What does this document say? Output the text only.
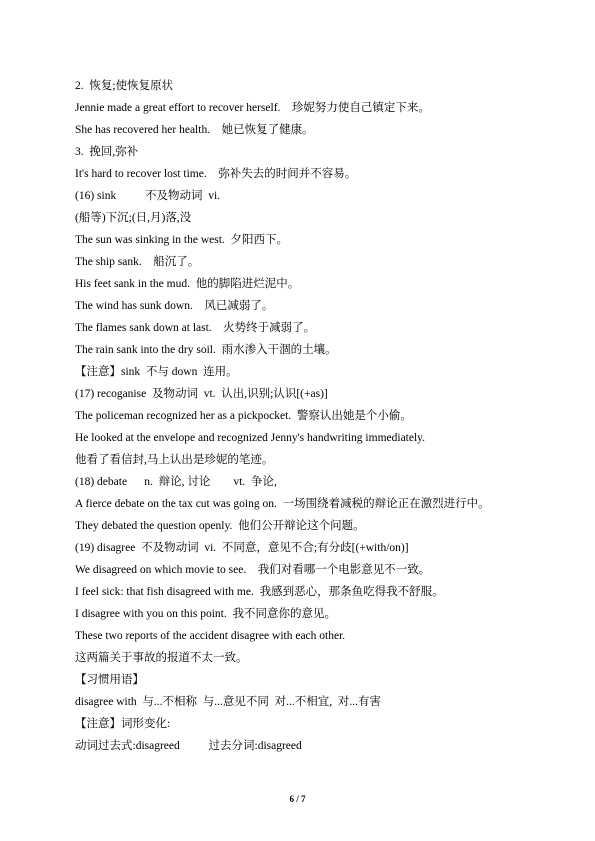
2.  恢复;使恢复原状

Jennie made a great effort to recover herself.    珍妮努力使自己镇定下来。

She has recovered her health.    她已恢复了健康。

3.  挽回,弥补

It's hard to recover lost time.    弥补失去的时间并不容易。

(16) sink          不及物动词  vi.

(船等)下沉;(日,月)落,没

The sun was sinking in the west.  夕阳西下。

The ship sank.    船沉了。

His feet sank in the mud.  他的脚陷进烂泥中。

The wind has sunk down.    风已减弱了。

The flames sank down at last.    火势终于减弱了。

The rain sank into the dry soil.  雨水渗入干涸的土壤。

【注意】sink  不与 down  连用。

(17) recoganise  及物动词  vt.  认出,识别;认识[(+as)]

The policeman recognized her as a pickpocket.  警察认出她是个小偷。

He looked at the envelope and recognized Jenny's handwriting immediately.

他看了看信封,马上认出是珍妮的笔迹。

(18) debate      n.  辩论, 讨论        vt.  争论,

A fierce debate on the tax cut was going on.  一场围绕着减税的辩论正在激烈进行中。

They debated the question openly.  他们公开辩论这个问题。

(19) disagree  不及物动词  vi.  不同意，意见不合;有分歧[(+with/on)]

We disagreed on which movie to see.    我们对看哪一个电影意见不一致。

I feel sick: that fish disagreed with me.  我感到恶心，那条鱼吃得我不舒服。

I disagree with you on this point.  我不同意你的意见。

These two reports of the accident disagree with each other.

这两篇关于事故的报道不太一致。

【习惯用语】

disagree with  与...不相称  与...意见不同  对...不相宜,  对...有害

【注意】词形变化:

动词过去式:disagreed          过去分词:disagreed

6 / 7
